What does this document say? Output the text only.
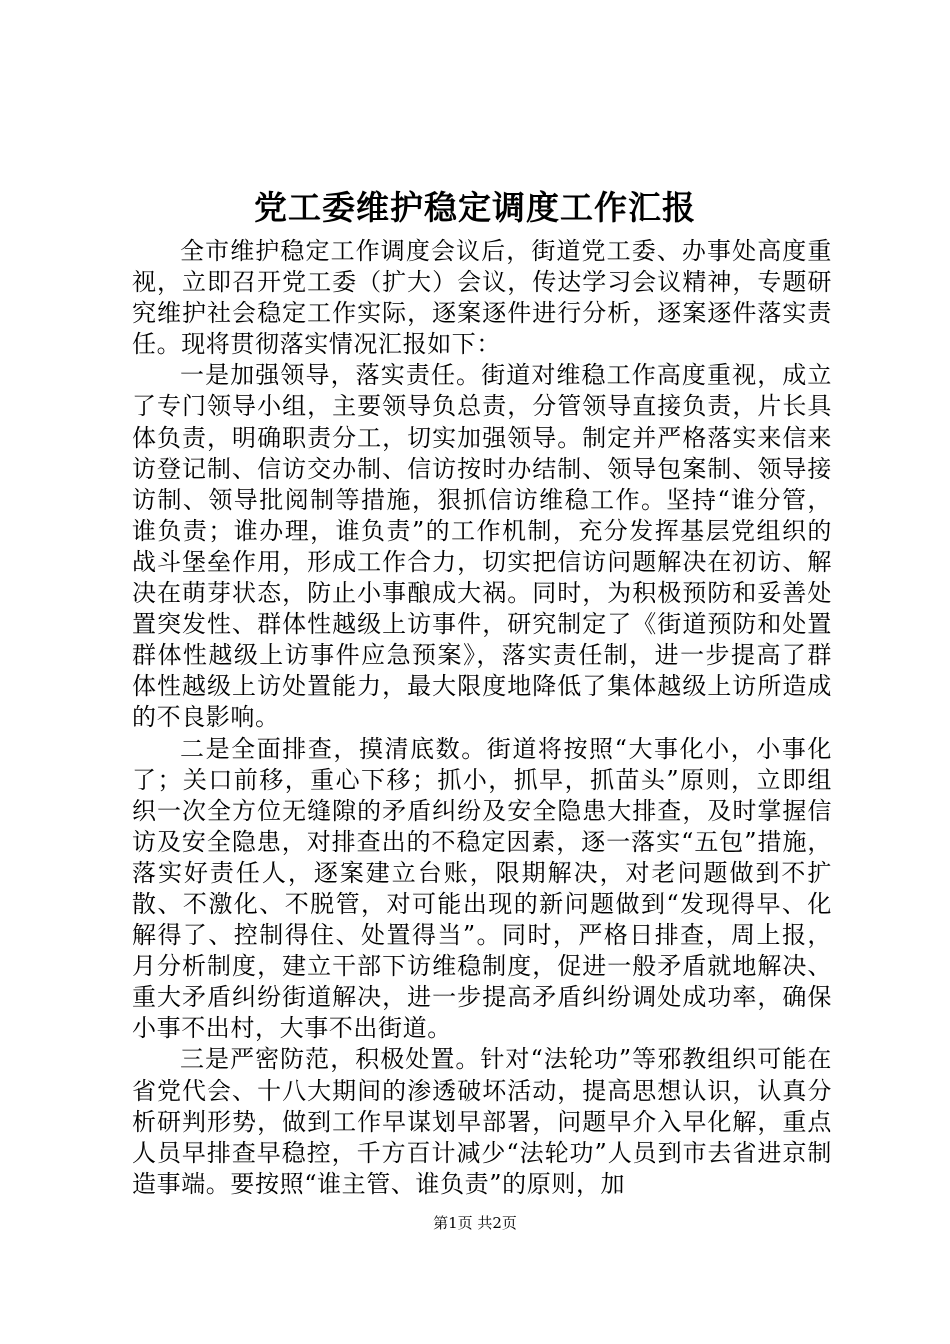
党工委维护稳定调度工作汇报

全市维护稳定工作调度会议后，街道党工委、办事处高度重视，立即召开党工委（扩大）会议，传达学习会议精神，专题研究维护社会稳定工作实际，逐案逐件进行分析，逐案逐件落实责任。现将贯彻落实情况汇报如下：

一是加强领导，落实责任。街道对维稳工作高度重视，成立了专门领导小组，主要领导负总责，分管领导直接负责，片长具体负责，明确职责分工，切实加强领导。制定并严格落实来信来访登记制、信访交办制、信访按时办结制、领导包案制、领导接访制、领导批阅制等措施，狠抓信访维稳工作。坚持“谁分管，谁负责；谁办理，谁负责”的工作机制，充分发挥基层党组织的战斗堡垒作用，形成工作合力，切实把信访问题解决在初访、解决在萌芽状态，防止小事酿成大祸。同时，为积极预防和妥善处置突发性、群体性越级上访事件，研究制定了《街道预防和处置群体性越级上访事件应急预案》，落实责任制，进一步提高了群体性越级上访处置能力，最大限度地降低了集体越级上访所造成的不良影响。

二是全面排查，摸清底数。街道将按照“大事化小，小事化了；关口前移，重心下移；抓小，抓早，抓苗头”原则，立即组织一次全方位无缝隙的矛盾纠纷及安全隐患大排查，及时掌握信访及安全隐患，对排查出的不稳定因素，逐一落实“五包”措施，落实好责任人，逐案建立台账，限期解决，对老问题做到不扩散、不激化、不脱管，对可能出现的新问题做到“发现得早、化解得了、控制得住、处置得当”。同时，严格日排查，周上报，月分析制度，建立干部下访维稳制度，促进一般矛盾就地解决、重大矛盾纠纷街道解决，进一步提高矛盾纠纷调处成功率，确保小事不出村，大事不出街道。

三是严密防范，积极处置。针对“法轮功”等邪教组织可能在省党代会、十八大期间的渗透破坏活动，提高思想认识，认真分析研判形势，做到工作早谋划早部署，问题早介入早化解，重点人员早排查早稳控，千方百计减少“法轮功”人员到市去省进京制造事端。要按照“谁主管、谁负责”的原则，加

第1页 共2页
